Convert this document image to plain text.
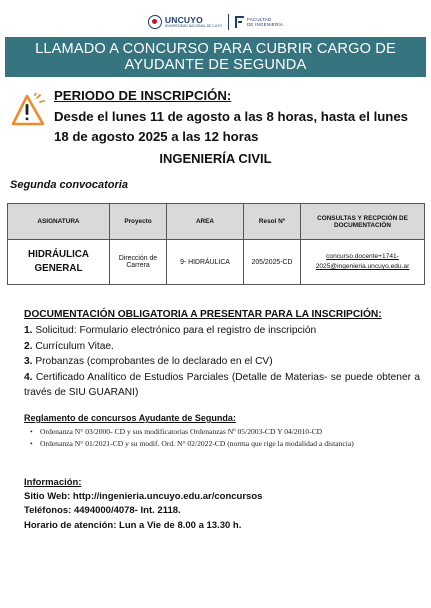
UNCUYO
UNIVERSIDAD NACIONAL DE CUYO
FACULTAD
DE INGENIERÍA
LLAMADO A CONCURSO PARA CUBRIR CARGO DE
AYUDANTE DE SEGUNDA
PERIODO DE INSCRIPCIÓN:
Desde el lunes 11 de agosto a las 8 horas, hasta el lunes 18 de agosto 2025 a las 12 horas
INGENIERÍA CIVIL
Segunda convocatoria
ASIGNATURA	Proyecto	AREA	Resol Nº	CONSULTAS Y RECPCIÓN DE DOCUMENTACIÓN
HIDRÁULICA GENERAL	Dirección de Carrera	9- HIDRÁULICA	205/2025-CD	concurso.docente+1741-
2025@ingenieria.uncuyo.edu.ar
DOCUMENTACIÓN OBLIGATORIA A PRESENTAR PARA LA INSCRIPCIÓN:
1. Solicitud: Formulario electrónico para el registro de inscripción
2. Currículum Vitae.
3. Probanzas (comprobantes de lo declarado en el CV)
4. Certificado Analítico de Estudios Parciales (Detalle de Materias- se puede obtener a través de SIU GUARANI)
Reglamento de concursos Ayudante de Segunda:
• Ordenanza N° 03/2000- CD y sus modificatorias Ordenanzas Nº 05/2003-CD Y 04/2010-CD
• Ordenanza N° 01/2021-CD y su modif. Ord. N° 02/2022-CD (norma que rige la modalidad a distancia)
Información:
Sitio Web: http://ingenieria.uncuyo.edu.ar/concursos
Teléfonos: 4494000/4078- Int. 2118.
Horario de atención: Lun a Vie de 8.00 a 13.30 h.
